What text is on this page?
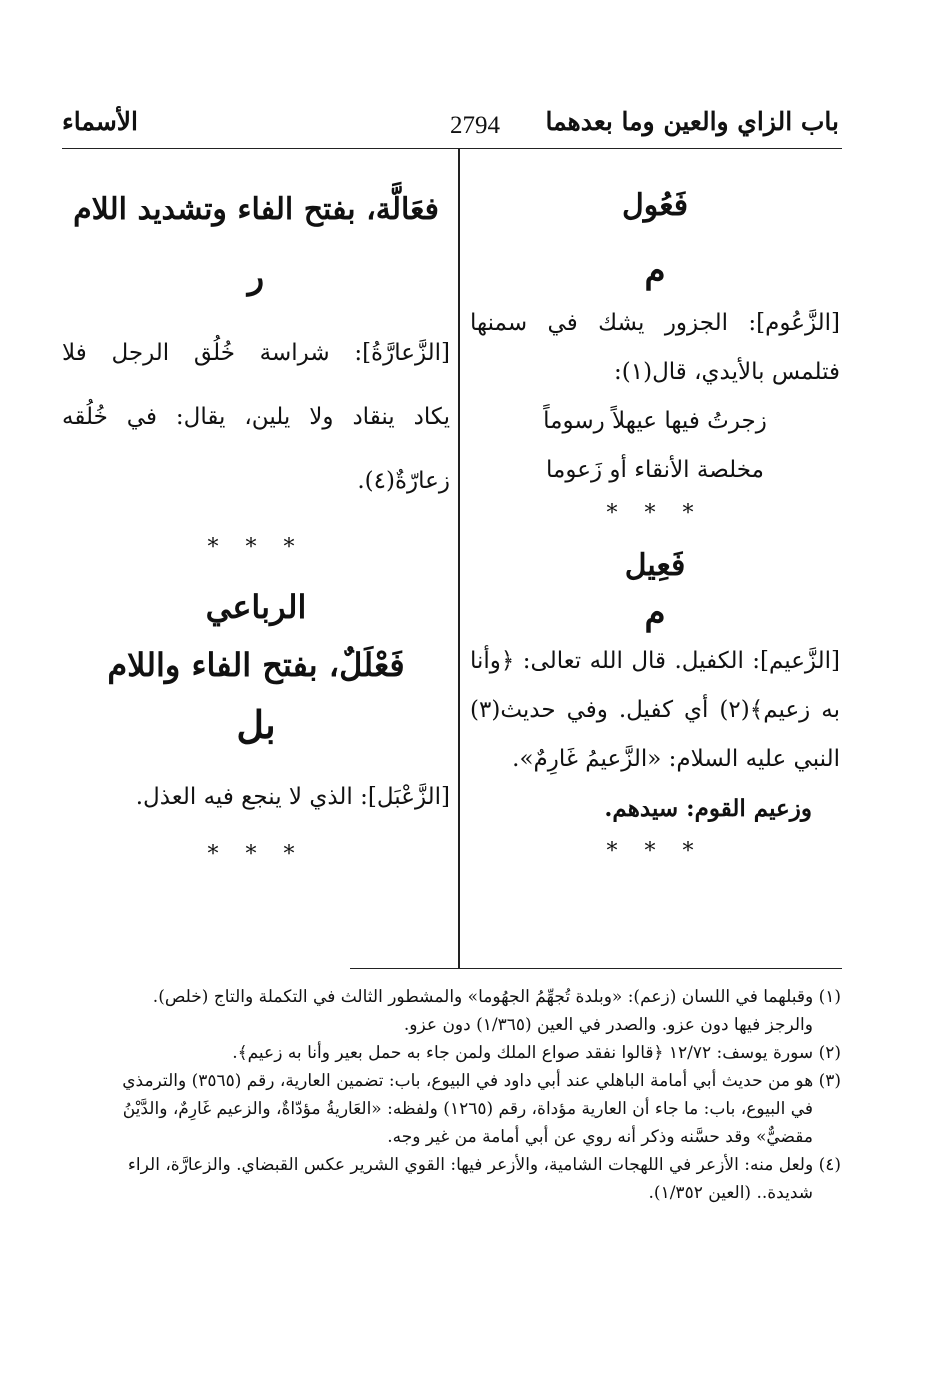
باب الزاي والعين وما بعدهما
2794
الأسماء

فَعُول

م

[الزَّعُوم]: الجزور يشك في سمنها

فتلمس بالأيدي، قال(١):

زجرتُ فيها عيهلاً رسوماً

مخلصة الأنقاء أو زَعوما

* * *

فَعِيل

م

[الزَّعيم]: الكفيل. قال الله تعالى: ﴿وأنا

به زعيم﴾(٢) أي كفيل. وفي حديث(٣)

النبي عليه السلام: «الزَّعيمُ غَارِمٌ».

وزعيم القوم: سيدهم.

* * *

فعَالَّة، بفتح الفاء وتشديد اللام

ر

[الزَّعارَّةُ]: شراسة خُلُق الرجل فلا

يكاد ينقاد ولا يلين، يقال: في خُلُقه

زعارّةٌ(٤).

* * *

الرباعي

فَعْلَلٌ، بفتح الفاء واللام

بل

[الزَّعْبَل]: الذي لا ينجع فيه العذل.

* * *

(١) وقبلهما في اللسان (زعم): «وبلدة تُجهِّمُ الجهُوما» والمشطور الثالث في التكملة والتاج (خلص).

والرجز فيها دون عزو. والصدر في العين (١/٣٦٥) دون عزو.

(٢) سورة يوسف: ١٢/٧٢ ﴿قالوا نفقد صواع الملك ولمن جاء به حمل بعير وأنا به زعيم﴾.

(٣) هو من حديث أبي أمامة الباهلي عند أبي داود في البيوع، باب: تضمين العارية، رقم (٣٥٦٥) والترمذي

في البيوع، باب: ما جاء أن العارية مؤداة، رقم (١٢٦٥) ولفظه: «العَاريةُ مؤدّاةٌ، والزعيم غَارِمٌ، والدَّيْنُ

مقضيٌّ» وقد حسَّنه وذكر أنه روي عن أبي أمامة من غير وجه.

(٤) ولعل منه: الأزعر في اللهجات الشامية، والأزعر فيها: القوي الشرير عكس القبضاي. والزعارَّة، الراء

شديدة.. (العين ١/٣٥٢).
